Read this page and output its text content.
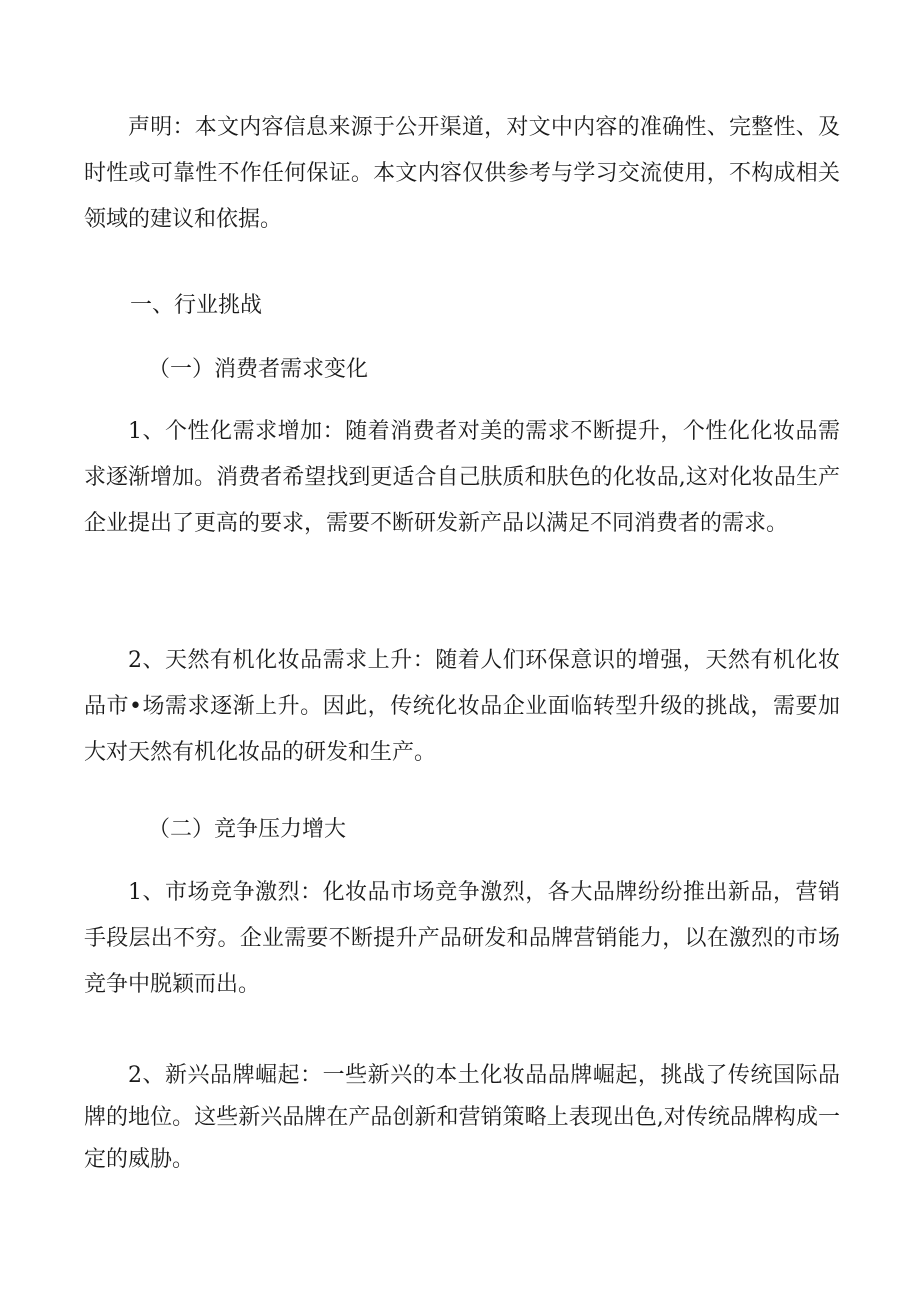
声明：本文内容信息来源于公开渠道，对文中内容的准确性、完整性、及时性或可靠性不作任何保证。本文内容仅供参考与学习交流使用，不构成相关领域的建议和依据。

一、行业挑战
（一）消费者需求变化

1、个性化需求增加：随着消费者对美的需求不断提升，个性化化妆品需求逐渐增加。消费者希望找到更适合自己肤质和肤色的化妆品,这对化妆品生产企业提出了更高的要求，需要不断研发新产品以满足不同消费者的需求。

2、天然有机化妆品需求上升：随着人们环保意识的增强，天然有机化妆品市•场需求逐渐上升。因此，传统化妆品企业面临转型升级的挑战，需要加大对天然有机化妆品的研发和生产。

（二）竞争压力增大

1、市场竞争激烈：化妆品市场竞争激烈，各大品牌纷纷推出新品，营销手段层出不穷。企业需要不断提升产品研发和品牌营销能力，以在激烈的市场竞争中脱颖而出。

2、新兴品牌崛起：一些新兴的本土化妆品品牌崛起，挑战了传统国际品牌的地位。这些新兴品牌在产品创新和营销策略上表现出色,对传统品牌构成一定的威胁。
